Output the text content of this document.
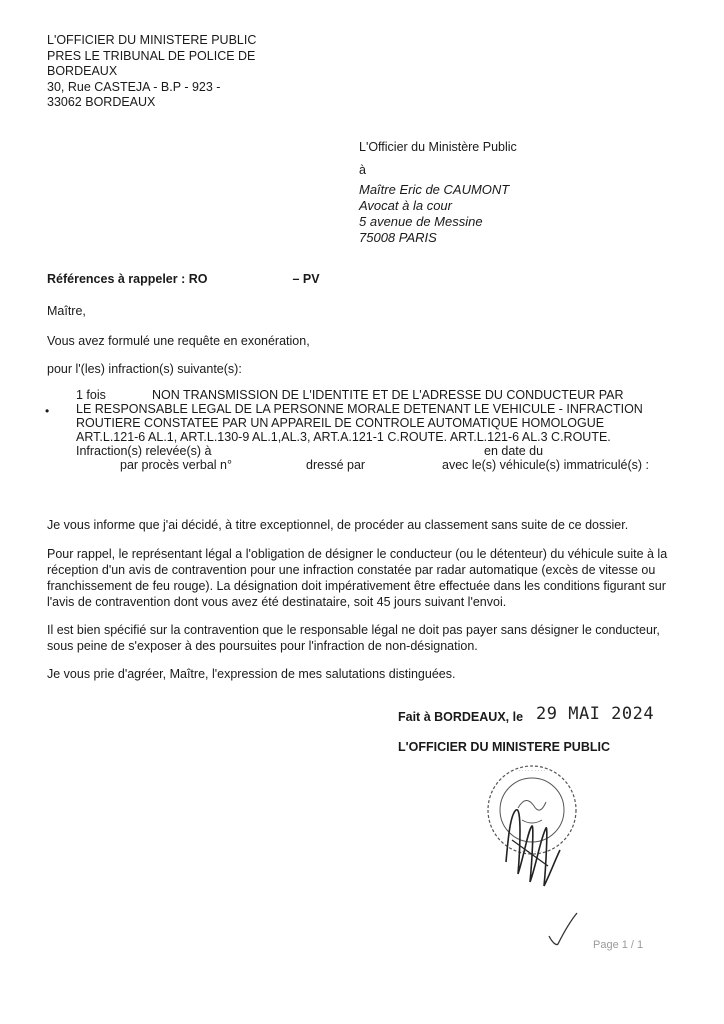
L'OFFICIER DU MINISTERE PUBLIC
PRES LE TRIBUNAL DE POLICE DE
BORDEAUX
30, Rue CASTEJA - B.P - 923 -
33062 BORDEAUX
L'Officier du Ministère Public
à
Maître Eric de CAUMONT
Avocat à la cour
5 avenue de Messine
75008 PARIS
Références à rappeler : RO	– PV
Maître,
Vous avez formulé une requête en exonération,
pour l'(les) infraction(s) suivante(s):
•
1 fois	NON TRANSMISSION DE L'IDENTITE ET DE L'ADRESSE DU CONDUCTEUR PAR
LE RESPONSABLE LEGAL DE LA PERSONNE MORALE DETENANT LE VEHICULE - INFRACTION
ROUTIERE CONSTATEE PAR UN APPAREIL DE CONTROLE AUTOMATIQUE HOMOLOGUE
ART.L.121-6 AL.1, ART.L.130-9 AL.1,AL.3, ART.A.121-1 C.ROUTE. ART.L.121-6 AL.3 C.ROUTE.
Infraction(s) relevée(s) à	en date du
par procès verbal n°	dressé par	avec le(s) véhicule(s) immatriculé(s) :
Je vous informe que j'ai décidé, à titre exceptionnel, de procéder au classement sans suite de ce dossier.
Pour rappel, le représentant légal a l'obligation de désigner le conducteur (ou le détenteur) du véhicule suite à la
réception d'un avis de contravention pour une infraction constatée par radar automatique (excès de vitesse ou
franchissement de feu rouge). La désignation doit impérativement être effectuée dans les conditions figurant sur
l'avis de contravention dont vous avez été destinataire, soit 45 jours suivant l'envoi.
Il est bien spécifié sur la contravention que le responsable légal ne doit pas payer sans désigner le conducteur,
sous peine de s'exposer à des poursuites pour l'infraction de non-désignation.
Je vous prie d'agréer, Maître, l'expression de mes salutations distinguées.
Fait à BORDEAUX, le 29 MAI 2024
L'OFFICIER DU MINISTERE PUBLIC
· · · · · · · · ·
· · · · · · ·
Page 1 / 1
